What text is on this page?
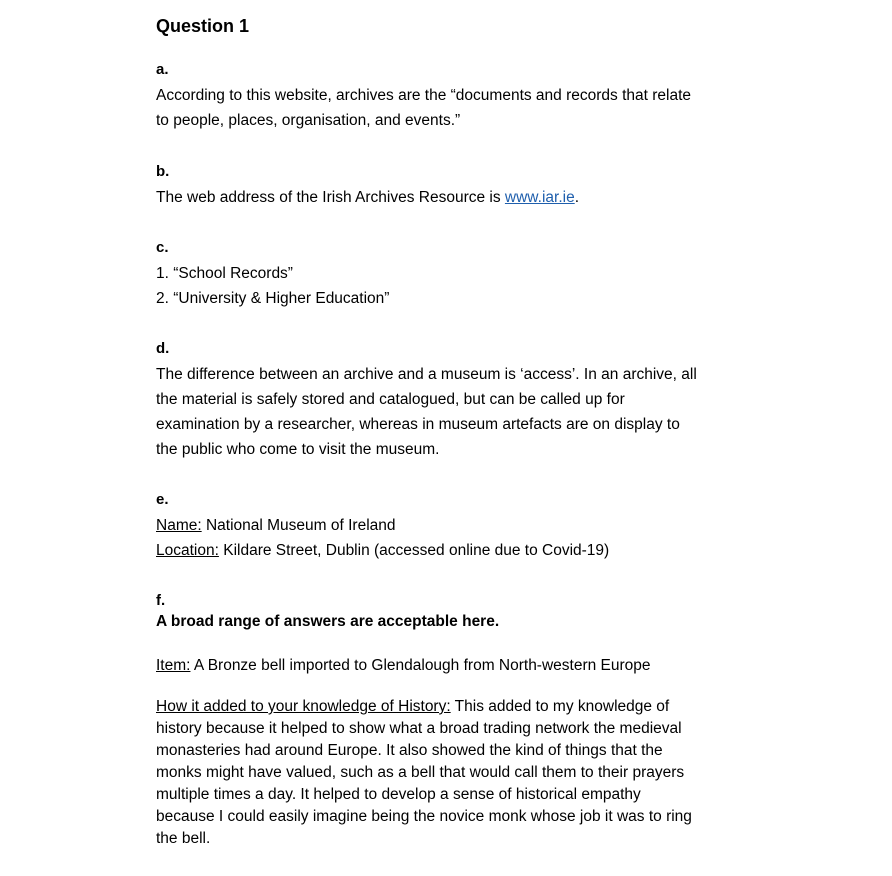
Question 1

a.

According to this website, archives are the “documents and records that relate

to people, places, organisation, and events.”

b.

The web address of the Irish Archives Resource is www.iar.ie.

c.

1. “School Records”

2. “University & Higher Education”

d.

The difference between an archive and a museum is ‘access’. In an archive, all

the material is safely stored and catalogued, but can be called up for

examination by a researcher, whereas in museum artefacts are on display to

the public who come to visit the museum.

e.

Name: National Museum of Ireland

Location: Kildare Street, Dublin (accessed online due to Covid-19)

f.

A broad range of answers are acceptable here.

Item: A Bronze bell imported to Glendalough from North-western Europe

How it added to your knowledge of History: This added to my knowledge of

history because it helped to show what a broad trading network the medieval

monasteries had around Europe. It also showed the kind of things that the

monks might have valued, such as a bell that would call them to their prayers

multiple times a day. It helped to develop a sense of historical empathy

because I could easily imagine being the novice monk whose job it was to ring

the bell.
